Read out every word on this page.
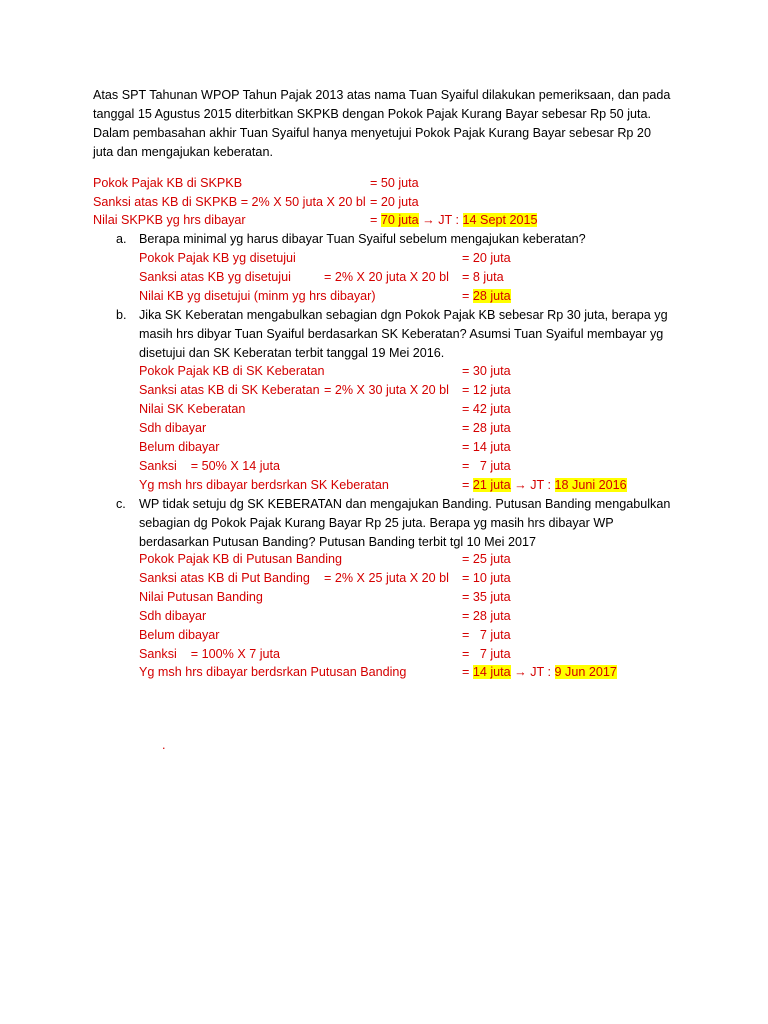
Atas SPT Tahunan WPOP Tahun Pajak 2013 atas nama Tuan Syaiful dilakukan pemeriksaan, dan pada

tanggal 15 Agustus 2015 diterbitkan SKPKB dengan Pokok Pajak Kurang Bayar sebesar Rp 50 juta.

Dalam pembasahan akhir Tuan Syaiful hanya menyetujui Pokok Pajak Kurang Bayar sebesar Rp 20

juta dan mengajukan keberatan.

Pokok Pajak KB di SKPKB	= 50 juta
Sanksi atas KB di SKPKB = 2% X 50 juta X 20 bl = 20 juta
Nilai SKPKB yg hrs dibayar	= 70 juta → JT : 14 Sept 2015
a. Berapa minimal yg harus dibayar Tuan Syaiful sebelum mengajukan keberatan?

Pokok Pajak KB yg disetujui	= 20 juta
Sanksi atas KB yg disetujui	= 2% X 20 juta X 20 bl = 8 juta
Nilai KB yg disetujui (minm yg hrs dibayar)	= 28 juta
b. Jika SK Keberatan mengabulkan sebagian dgn Pokok Pajak KB sebesar Rp 30 juta, berapa yg

masih hrs dibyar Tuan Syaiful berdasarkan SK Keberatan? Asumsi Tuan Syaiful membayar yg

disetujui dan SK Keberatan terbit tanggal 19 Mei 2016.

Pokok Pajak KB di SK Keberatan	= 30 juta
Sanksi atas KB di SK Keberatan = 2% X 30 juta X 20 bl = 12 juta
Nilai SK Keberatan	= 42 juta
Sdh dibayar	= 28 juta
Belum dibayar	= 14 juta
Sanksi    = 50% X 14 juta	=   7 juta
Yg msh hrs dibayar berdsrkan SK Keberatan	= 21 juta → JT : 18 Juni 2016
c. WP tidak setuju dg SK KEBERATAN dan mengajukan Banding. Putusan Banding mengabulkan

sebagian dg Pokok Pajak Kurang Bayar Rp 25 juta. Berapa yg masih hrs dibayar WP

berdasarkan Putusan Banding? Putusan Banding terbit tgl 10 Mei 2017

Pokok Pajak KB di Putusan Banding	= 25 juta
Sanksi atas KB di Put Banding = 2% X 25 juta X 20 bl = 10 juta
Nilai Putusan Banding	= 35 juta
Sdh dibayar	= 28 juta
Belum dibayar	=   7 juta
Sanksi    = 100% X 7 juta	=   7 juta
Yg msh hrs dibayar berdsrkan Putusan Banding	= 14 juta → JT : 9 Jun 2017
.
